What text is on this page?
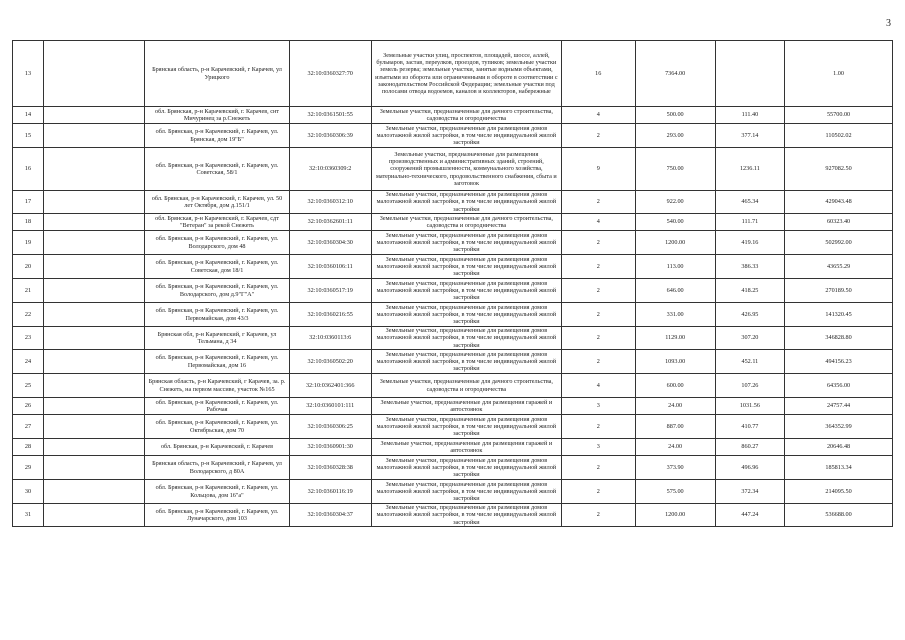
3
13		Брянская область, р-н Карачевский, г Карачев, ул Урицкого	32:10:0360327:70	Земельные участки улиц, проспектов, площадей, шоссе, аллей, бульваров, застав, переулков, проездов, тупиков; земельные участки земель резерва; земельные участки, занятые водными объектами, изъятыми из оборота или ограниченными в обороте в соответствии с законодательством Российской Федерации; земельные участки под полосами отвода водоемов, каналов и коллекторов, набережные	16	7364.00		1.00
14		обл. Брянская, р-н Карачевский, г. Карачев, снт Мичуринец за р.Снежеть	32:10:0361501:55	Земельные участки, предназначенные для дачного строительства, садоводства и огородничества	4	500.00	111.40	55700.00
15		обл. Брянская, р-н Карачевский, г. Карачев, ул. Брянская, дом 19"Б"	32:10:0360306:39	Земельные участки, предназначенные для размещения домов малоэтажной жилой застройки, в том числе индивидуальной жилой застройки	2	293.00	377.14	110502.02
16		обл. Брянская, р-н Карачевский, г. Карачев, ул. Советская, 58/1	32:10:0360309:2	Земельные участки, предназначенные для размещения производственных и административных зданий, строений, сооружений промышленности, коммунального хозяйства, материально-технического, продовольственного снабжения, сбыта и заготовок	9	750.00	1236.11	927082.50
17		обл. Брянская, р-н Карачевский, г. Карачев, ул. 50 лет Октября, дом д.151/1	32:10:0360312:10	Земельные участки, предназначенные для размещения домов малоэтажной жилой застройки, в том числе индивидуальной жилой застройки	2	922.00	465.34	429043.48
18		обл. Брянская, р-н Карачевский, г. Карачев, сдт "Ветеран" за рекой Снежеть	32:10:0362601:11	Земельные участки, предназначенные для дачного строительства, садоводства и огородничества	4	540.00	111.71	60323.40
19		обл. Брянская, р-н Карачевский, г. Карачев, ул. Володарского, дом 48	32:10:0360304:30	Земельные участки, предназначенные для размещения домов малоэтажной жилой застройки, в том числе индивидуальной жилой застройки	2	1200.00	419.16	502992.00
20		обл. Брянская, р-н Карачевский, г. Карачев, ул. Советская, дом 18/1	32:10:0360106:11	Земельные участки, предназначенные для размещения домов малоэтажной жилой застройки, в том числе индивидуальной жилой застройки	2	113.00	386.33	43655.29
21		обл. Брянская, р-н Карачевский, г. Карачев, ул. Володарского, дом д.9"Г"А"	32:10:0360517:19	Земельные участки, предназначенные для размещения домов малоэтажной жилой застройки, в том числе индивидуальной жилой застройки	2	646.00	418.25	270189.50
22		обл. Брянская, р-н Карачевский, г. Карачев, ул. Первомайская, дом 43/3	32:10:0360216:55	Земельные участки, предназначенные для размещения домов малоэтажной жилой застройки, в том числе индивидуальной жилой застройки	2	331.00	426.95	141320.45
23		Брянская обл, р-н Карачевский, г Карачев, ул Тельмана, д 34	32:10:0360113:6	Земельные участки, предназначенные для размещения домов малоэтажной жилой застройки, в том числе индивидуальной жилой застройки	2	1129.00	307.20	346828.80
24		обл. Брянская, р-н Карачевский, г. Карачев, ул. Первомайская, дом 16	32:10:0360502:20	Земельные участки, предназначенные для размещения домов малоэтажной жилой застройки, в том числе индивидуальной жилой застройки	2	1093.00	452.11	494156.23
25		Брянская область, р-н Карачевский, г Карачев, за. р. Снежеть, на первом массиве, участок №165	32:10:0362401:366	Земельные участки, предназначенные для дачного строительства, садоводства и огородничества	4	600.00	107.26	64356.00
26		обл. Брянская, р-н Карачевский, г. Карачев, ул. Рабочая	32:10:0360101:111	Земельные участки, предназначенные для размещения гаражей и автостоянок	3	24.00	1031.56	24757.44
27		обл. Брянская, р-н Карачевский, г. Карачев, ул. Октябрьская, дом 70	32:10:0360306:25	Земельные участки, предназначенные для размещения домов малоэтажной жилой застройки, в том числе индивидуальной жилой застройки	2	887.00	410.77	364352.99
28		обл. Брянская, р-н Карачевский, г. Карачев	32:10:0360901:30	Земельные участки, предназначенные для размещения гаражей и автостоянок	3	24.00	860.27	20646.48
29		Брянская область, р-н Карачевский, г Карачев, ул Володарского, д 80А	32:10:0360328:38	Земельные участки, предназначенные для размещения домов малоэтажной жилой застройки, в том числе индивидуальной жилой застройки	2	373.90	496.96	185813.34
30		обл. Брянская, р-н Карачевский, г. Карачев, ул. Кольцова, дом 16"а"	32:10:0360116:19	Земельные участки, предназначенные для размещения домов малоэтажной жилой застройки, в том числе индивидуальной жилой застройки	2	575.00	372.34	214095.50
31		обл. Брянская, р-н Карачевский, г. Карачев, ул. Луначарского, дом 103	32:10:0360304:37	Земельные участки, предназначенные для размещения домов малоэтажной жилой застройки, в том числе индивидуальной жилой застройки	2	1200.00	447.24	536688.00
